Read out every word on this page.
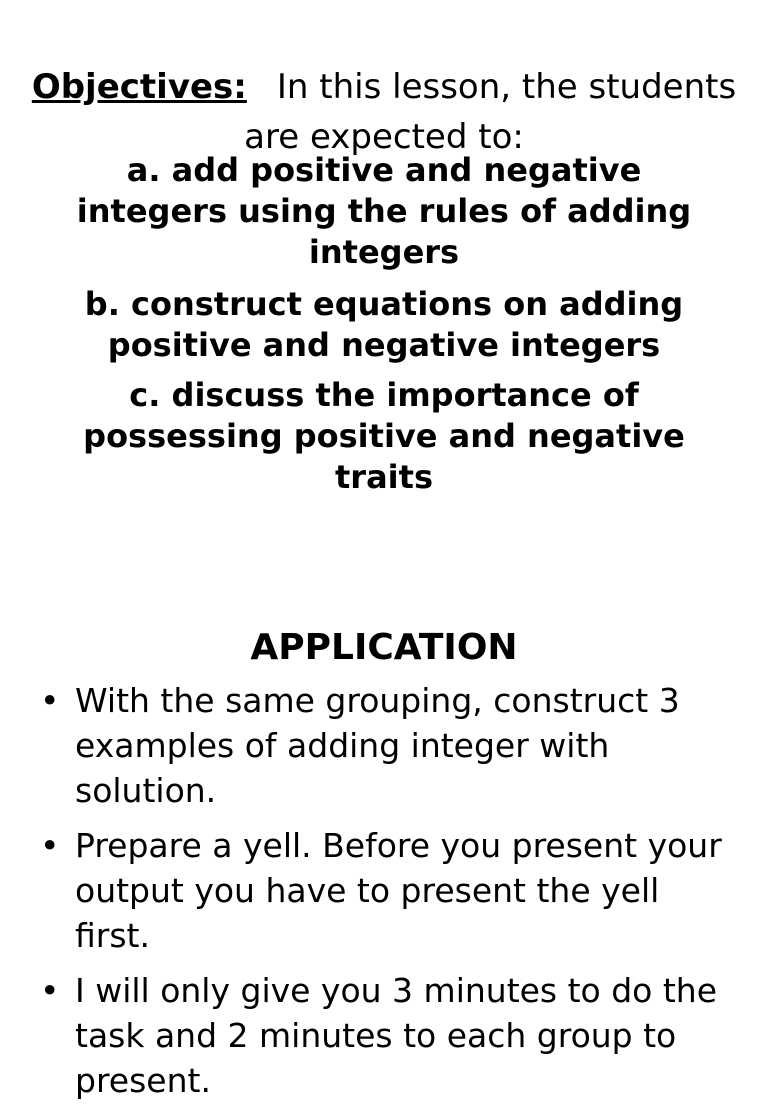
Objectives: In this lesson, the students are expected to:
a. add positive and negative integers using the rules of adding integers
b. construct equations on adding positive and negative integers
c. discuss the importance of possessing positive and negative traits
APPLICATION
• With the same grouping, construct 3 examples of adding integer with solution.
• Prepare a yell. Before you present your output you have to present the yell first.
• I will only give you 3 minutes to do the task and 2 minutes to each group to present.
